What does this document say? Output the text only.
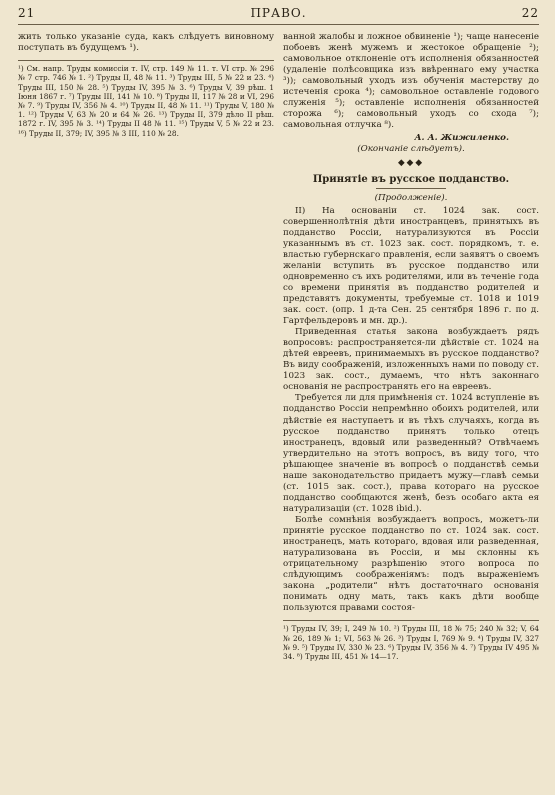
21	ПРАВО.	22

жить только указаніе суда, какъ слѣдуетъ виновному поступать въ будущемъ ¹).

¹) См. напр. Труды комиссіи т. IV, стр. 149 № 11. т. VI стр. № 296 № 7 стр. 746 № 1. ²) Труды II, 48 № 11. ³) Труды III, 5 № 22 и 23. ⁴) Труды III, 150 № 28. ⁵) Труды IV, 395 № 3. ⁶) Труды V, 39 рѣш. 1 Іюня 1867 г. ⁷) Труды III, 141 № 10. ⁸) Труды II, 117 № 28 и VI, 296 № 7. ⁹) Труды IV, 356 № 4. ¹⁰) Труды II, 48 № 11. ¹¹) Труды V, 180 № 1. ¹²) Труды V, 63 № 20 и 64 № 26. ¹³) Труды II, 379 дѣло II рѣш. 1872 г. IV, 395 № 3. ¹⁴) Труды II 48 № 11. ¹⁵) Труды V, 5 № 22 и 23. ¹⁶) Труды II, 379; IV, 395 № 3 III, 110 № 28.

ванной жалобы и ложное обвиненіе ¹); чаще нанесеніе побоевъ женѣ мужемъ и жестокое обращеніе ²); самовольное отклоненіе отъ исполненія обязанностей (удаленіе полѣсовщика изъ ввѣреннаго ему участка ³)); самовольный уходъ изъ обученія мастерству до истеченія срока ⁴); самовольное оставленіе годового служенія ⁵); оставленіе исполненія обязанностей сторожа ⁶); самовольный уходъ со схода ⁷); самовольная отлучка ⁸).

А. А. Жижиленко.
(Окончаніе слѣдуетъ).
◆◆◆
Принятіе въ русское подданство.
(Продолженіе).

II) На основаніи ст. 1024 зак. сост. совершеннолѣтнія дѣти иностранцевъ, принятыхъ въ подданство Россіи, натурализуются въ Россіи указаннымъ въ ст. 1023 зак. сост. порядкомъ, т. е. властью губернскаго правленія, если заявятъ о своемъ желаніи вступить въ русское подданство или одновременно съ ихъ родителями, или въ теченіе года со времени принятія въ подданство родителей и представятъ документы, требуемые ст. 1018 и 1019 зак. сост. (опр. 1 д-та Сен. 25 сентября 1896 г. по д. Гартфельдеровъ и мн. др.).

Приведенная статья закона возбуждаетъ рядъ вопросовъ: распространяется-ли дѣйствіе ст. 1024 на дѣтей евреевъ, принимаемыхъ въ русское подданство? Въ виду соображеній, изложенныхъ нами по поводу ст. 1023 зак. сост., думаемъ, что нѣтъ законнаго основанія не распространять его на евреевъ.

Требуется ли для примѣненія ст. 1024 вступленіе въ подданство Россіи непремѣнно обоихъ родителей, или дѣйствіе ея наступаетъ и въ тѣхъ случаяхъ, когда въ русское подданство принятъ только отецъ иностранецъ, вдовый или разведенный? Отвѣчаемъ утвердительно на этотъ вопросъ, въ виду того, что рѣшающее значеніе въ вопросѣ о подданствѣ семьи наше законодательство придаетъ мужу—главѣ семьи (ст. 1015 зак. сост.), права котораго на русское подданство сообщаются женѣ, безъ особаго акта ея натурализаціи (ст. 1028 ibid.).

Болѣе сомнѣнія возбуждаетъ вопросъ, можетъ-ли принятіе русское подданство по ст. 1024 зак. сост. иностранецъ, мать котораго, вдовая или разведенная, натурализована въ Россіи, и мы склонны къ отрицательному разрѣшенію этого вопроса по слѣдующимъ соображеніямъ: подъ выраженіемъ закона „родители“ нѣтъ достаточнаго основанія понимать одну мать, такъ какъ дѣти вообще пользуются правами состоя-

¹) Труды IV, 39; I, 249 № 10. ²) Труды III, 18 № 75; 240 № 32; V, 64 № 26, 189 № 1; VI, 563 № 26. ³) Труды I, 769 № 9. ⁴) Труды IV, 327 № 9. ⁵) Труды IV, 330 № 23. ⁶) Труды IV, 356 № 4. ⁷) Труды IV 495 № 34. ⁸) Труды III, 451 № 14—17.
